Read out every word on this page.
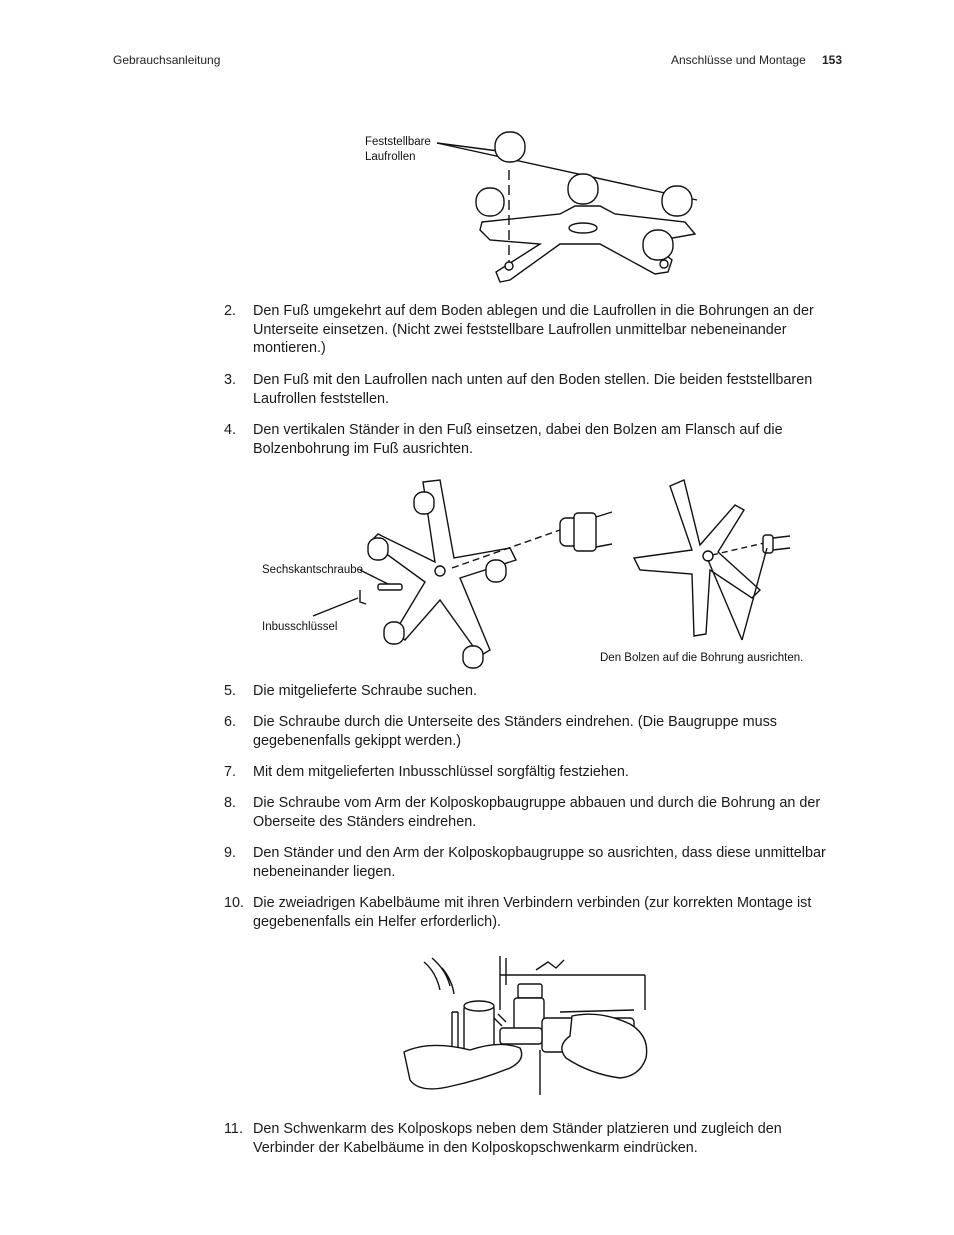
Gebrauchsanleitung	Anschlüsse und Montage 153
Feststellbare
Laufrollen
2.	Den Fuß umgekehrt auf dem Boden ablegen und die Laufrollen in die Bohrungen an der Unterseite einsetzen. (Nicht zwei feststellbare Laufrollen unmittelbar nebeneinander montieren.)
3.	Den Fuß mit den Laufrollen nach unten auf den Boden stellen. Die beiden feststellbaren Laufrollen feststellen.
4.	Den vertikalen Ständer in den Fuß einsetzen, dabei den Bolzen am Flansch auf die Bolzenbohrung im Fuß ausrichten.
Sechskantschraube
Inbusschlüssel
Den Bolzen auf die Bohrung ausrichten.
5.	Die mitgelieferte Schraube suchen.
6.	Die Schraube durch die Unterseite des Ständers eindrehen. (Die Baugruppe muss gegebenenfalls gekippt werden.)
7.	Mit dem mitgelieferten Inbusschlüssel sorgfältig festziehen.
8.	Die Schraube vom Arm der Kolposkopbaugruppe abbauen und durch die Bohrung an der Oberseite des Ständers eindrehen.
9.	Den Ständer und den Arm der Kolposkopbaugruppe so ausrichten, dass diese unmittelbar nebeneinander liegen.
10. Die zweiadrigen Kabelbäume mit ihren Verbindern verbinden (zur korrekten Montage ist gegebenenfalls ein Helfer erforderlich).
11. Den Schwenkarm des Kolposkops neben dem Ständer platzieren und zugleich den Verbinder der Kabelbäume in den Kolposkopschwenkarm eindrücken.
